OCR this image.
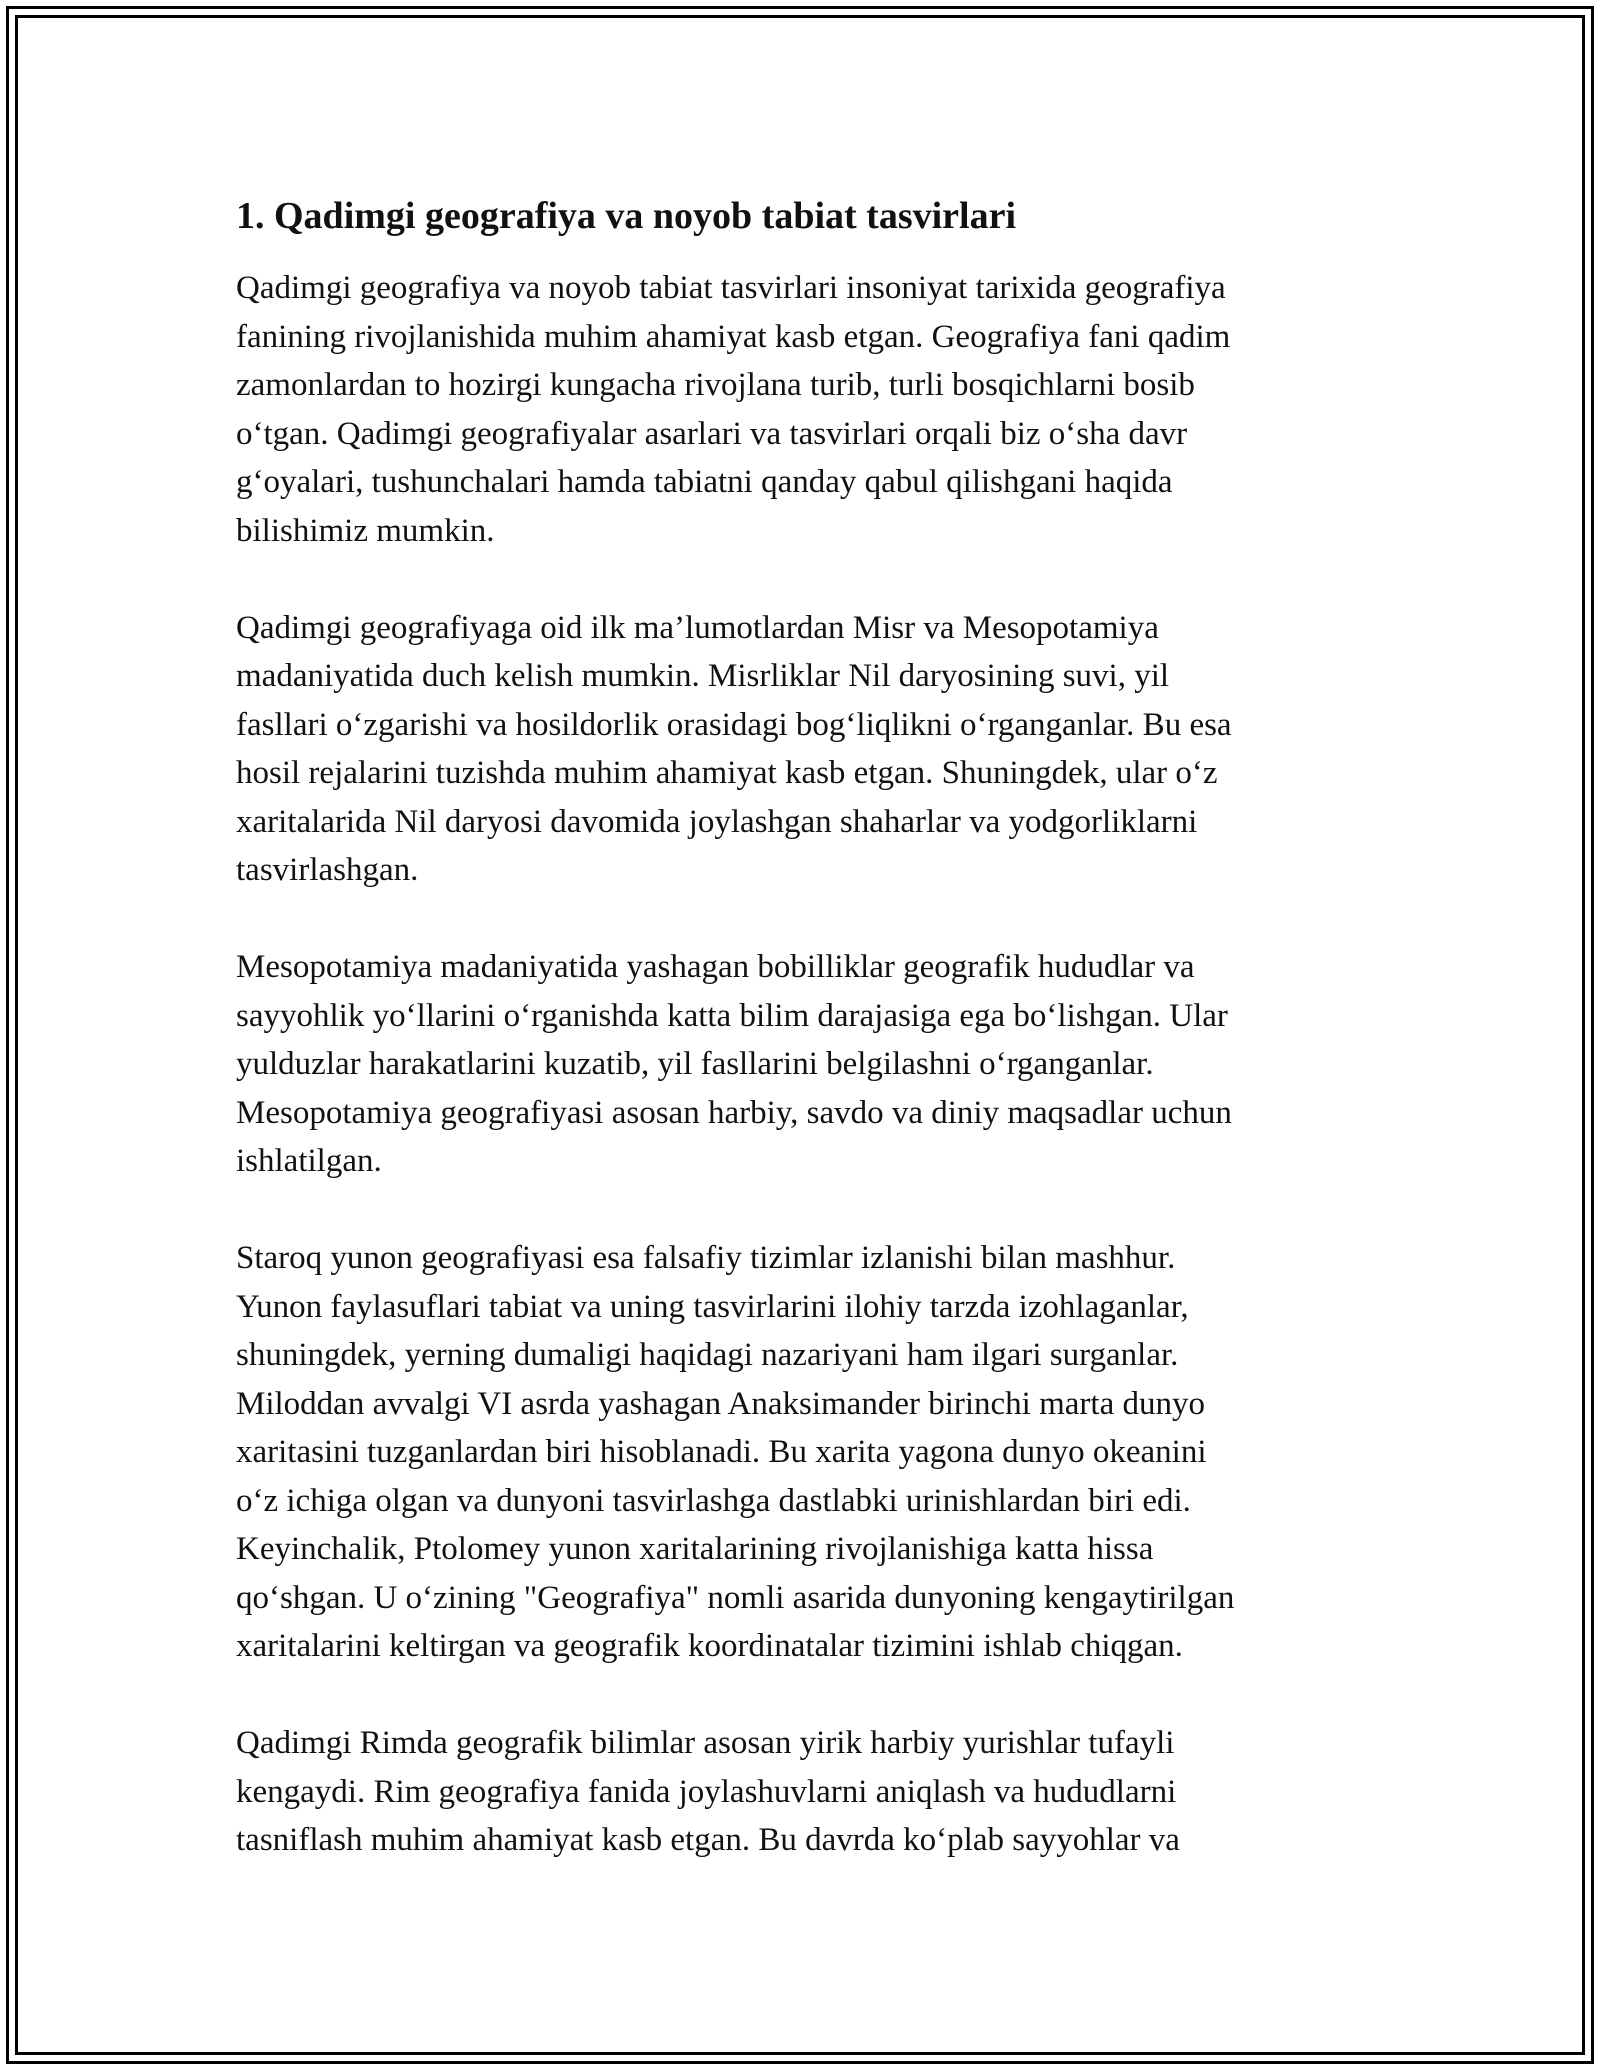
1. Qadimgi geografiya va noyob tabiat tasvirlari
Qadimgi geografiya va noyob tabiat tasvirlari insoniyat tarixida geografiya
fanining rivojlanishida muhim ahamiyat kasb etgan. Geografiya fani qadim
zamonlardan to hozirgi kungacha rivojlana turib, turli bosqichlarni bosib
o‘tgan. Qadimgi geografiyalar asarlari va tasvirlari orqali biz o‘sha davr
g‘oyalari, tushunchalari hamda tabiatni qanday qabul qilishgani haqida
bilishimiz mumkin.
Qadimgi geografiyaga oid ilk ma’lumotlardan Misr va Mesopotamiya
madaniyatida duch kelish mumkin. Misrliklar Nil daryosining suvi, yil
fasllari o‘zgarishi va hosildorlik orasidagi bog‘liqlikni o‘rganganlar. Bu esa
hosil rejalarini tuzishda muhim ahamiyat kasb etgan. Shuningdek, ular o‘z
xaritalarida Nil daryosi davomida joylashgan shaharlar va yodgorliklarni
tasvirlashgan.
Mesopotamiya madaniyatida yashagan bobilliklar geografik hududlar va
sayyohlik yo‘llarini o‘rganishda katta bilim darajasiga ega bo‘lishgan. Ular
yulduzlar harakatlarini kuzatib, yil fasllarini belgilashni o‘rganganlar.
Mesopotamiya geografiyasi asosan harbiy, savdo va diniy maqsadlar uchun
ishlatilgan.
Staroq yunon geografiyasi esa falsafiy tizimlar izlanishi bilan mashhur.
Yunon faylasuflari tabiat va uning tasvirlarini ilohiy tarzda izohlaganlar,
shuningdek, yerning dumaligi haqidagi nazariyani ham ilgari surganlar.
Miloddan avvalgi VI asrda yashagan Anaksimander birinchi marta dunyo
xaritasini tuzganlardan biri hisoblanadi. Bu xarita yagona dunyo okeanini
o‘z ichiga olgan va dunyoni tasvirlashga dastlabki urinishlardan biri edi.
Keyinchalik, Ptolomey yunon xaritalarining rivojlanishiga katta hissa
qo‘shgan. U o‘zining "Geografiya" nomli asarida dunyoning kengaytirilgan
xaritalarini keltirgan va geografik koordinatalar tizimini ishlab chiqgan.
Qadimgi Rimda geografik bilimlar asosan yirik harbiy yurishlar tufayli
kengaydi. Rim geografiya fanida joylashuvlarni aniqlash va hududlarni
tasniflash muhim ahamiyat kasb etgan. Bu davrda ko‘plab sayyohlar va
